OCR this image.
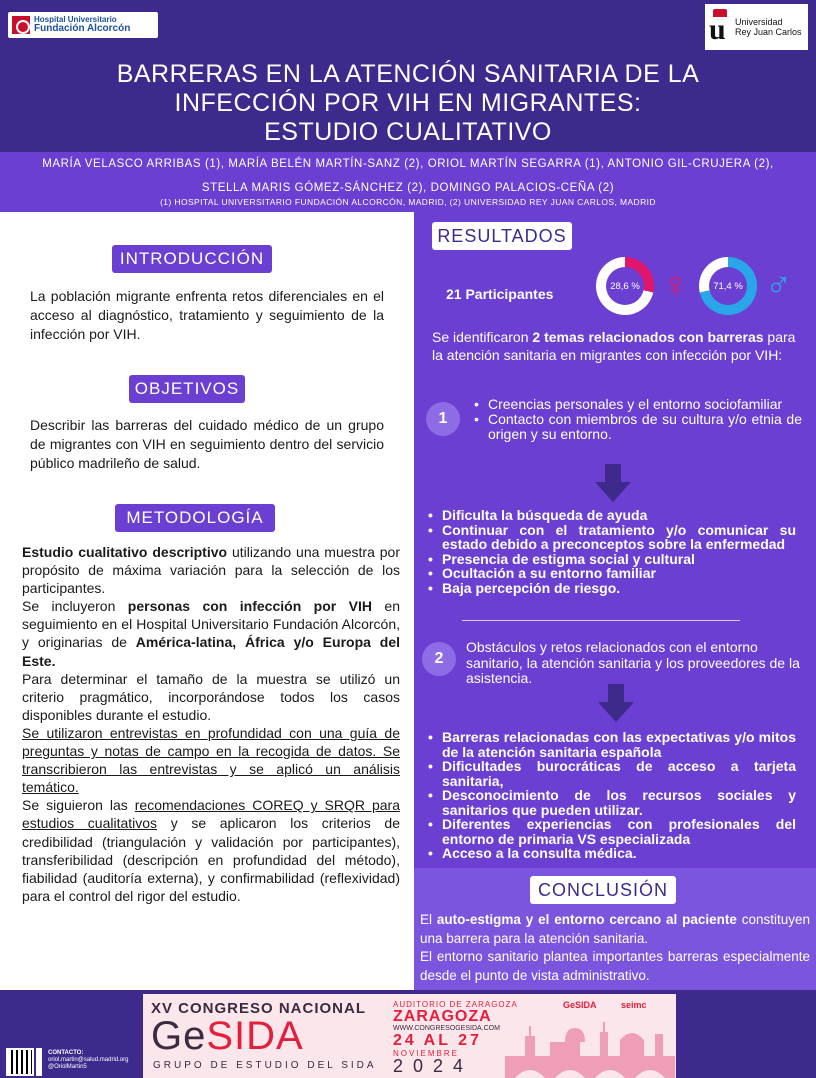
Hospital Universitario
Fundación Alcorcón	u Universidad
Rey Juan Carlos
BARRERAS EN LA ATENCIÓN SANITARIA DE LA
INFECCIÓN POR VIH EN MIGRANTES:
ESTUDIO CUALITATIVO
MARÍA VELASCO ARRIBAS (1), MARÍA BELÉN MARTÍN-SANZ (2), ORIOL MARTÍN SEGARRA (1), ANTONIO GIL-CRUJERA (2),
STELLA MARIS GÓMEZ-SÁNCHEZ (2), DOMINGO PALACIOS-CEÑA (2)
(1) HOSPITAL UNIVERSITARIO FUNDACIÓN ALCORCÓN, MADRID, (2) UNIVERSIDAD REY JUAN CARLOS, MADRID
INTRODUCCIÓN
La población migrante enfrenta retos diferenciales en el acceso al diagnóstico, tratamiento y seguimiento de la infección por VIH.
OBJETIVOS
Describir las barreras del cuidado médico de un grupo de migrantes con VIH en seguimiento dentro del servicio público madrileño de salud.
METODOLOGÍA

Estudio cualitativo descriptivo utilizando una muestra por propósito de máxima variación para la selección de los participantes.

Se incluyeron personas con infección por VIH en seguimiento en el Hospital Universitario Fundación Alcorcón, y originarias de América-latina, África y/o Europa del Este.

Para determinar el tamaño de la muestra se utilizó un criterio pragmático, incorporándose todos los casos disponibles durante el estudio.

Se utilizaron entrevistas en profundidad con una guía de preguntas y notas de campo en la recogida de datos. Se transcribieron las entrevistas y se aplicó un análisis temático.

Se siguieron las recomendaciones COREQ y SRQR para estudios cualitativos y se aplicaron los criterios de credibilidad (triangulación y validación por participantes), transferibilidad (descripción en profundidad del método), fiabilidad (auditoría externa), y confirmabilidad (reflexividad) para el control del rigor del estudio.

RESULTADOS
21 Participantes	28,6 % ♀	71,4 % ♂
Se identificaron 2 temas relacionados con barreras para la atención sanitaria en migrantes con infección por VIH:
1
• Creencias personales y el entorno sociofamiliar
• Contacto con miembros de su cultura y/o etnia de origen y su entorno.
• Dificulta la búsqueda de ayuda
• Continuar con el tratamiento y/o comunicar su estado debido a preconceptos sobre la enfermedad
• Presencia de estigma social y cultural
• Ocultación a su entorno familiar
• Baja percepción de riesgo.
2
Obstáculos y retos relacionados con el entorno sanitario, la atención sanitaria y los proveedores de la asistencia.
• Barreras relacionadas con las expectativas y/o mitos de la atención sanitaria española
• Dificultades burocráticas de acceso a tarjeta sanitaria,
• Desconocimiento de los recursos sociales y sanitarios que pueden utilizar.
• Diferentes experiencias con profesionales del entorno de primaria VS especializada
• Acceso a la consulta médica.
CONCLUSIÓN
El auto-estigma y el entorno cercano al paciente constituyen una barrera para la atención sanitaria.
El entorno sanitario plantea importantes barreras especialmente desde el punto de vista administrativo.
CONTACTO:
oriol.martin@salud.madrid.org
@OriolMartin5
XV CONGRESO NACIONAL
GeSIDA
GRUPO DE ESTUDIO DEL SIDA
AUDITORIO DE ZARAGOZA
ZARAGOZA
WWW.CONGRESOGESIDA.COM
24 AL 27
NOVIEMBRE
2024
GeSIDA	seimc
